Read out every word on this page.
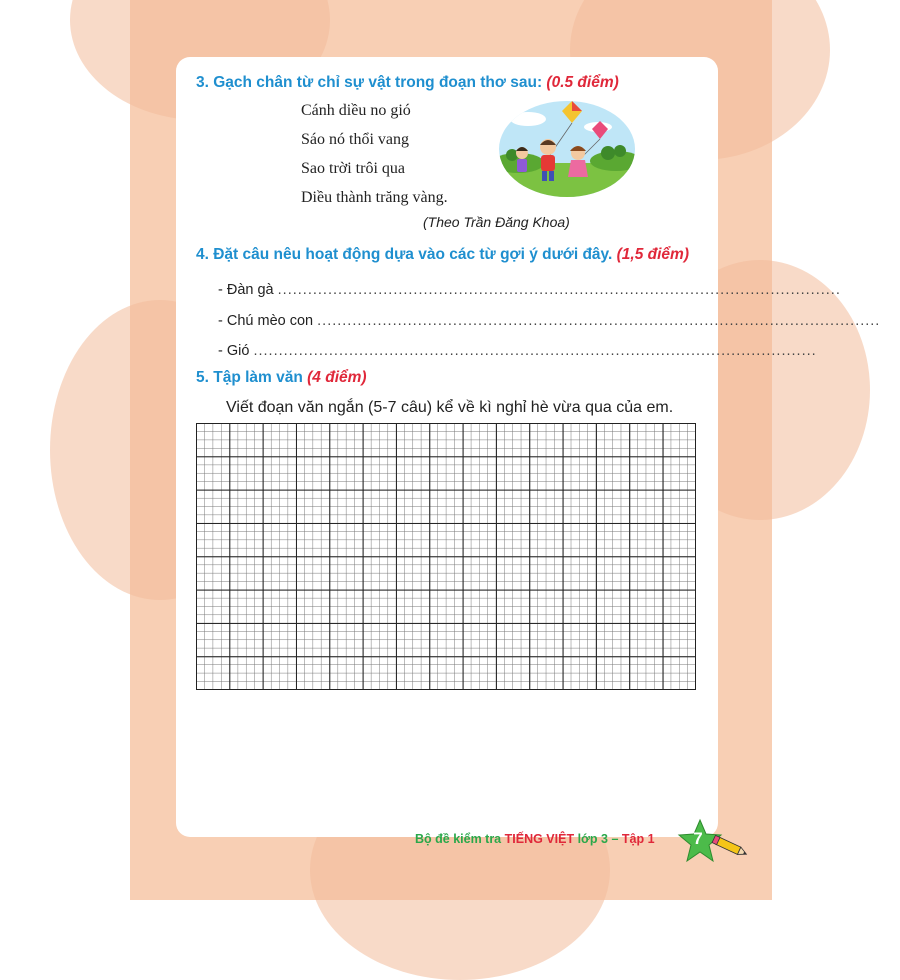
3. Gạch chân từ chỉ sự vật trong đoạn thơ sau: (0.5 điểm)
Cánh diều no gió
Sáo nó thổi vang
Sao trời trôi qua
Diều thành trăng vàng.
(Theo Trần Đăng Khoa)
4. Đặt câu nêu hoạt động dựa vào các từ gợi ý dưới đây. (1,5 điểm)
- Đàn gà ................................................................................................................
- Chú mèo con ................................................................................................................
- Gió ................................................................................................................
5. Tập làm văn (4 điểm)
Viết đoạn văn ngắn (5-7 câu) kể về kì nghỉ hè vừa qua của em.
Bộ đề kiểm tra TIẾNG VIỆT lớp 3 – Tập 1	7
